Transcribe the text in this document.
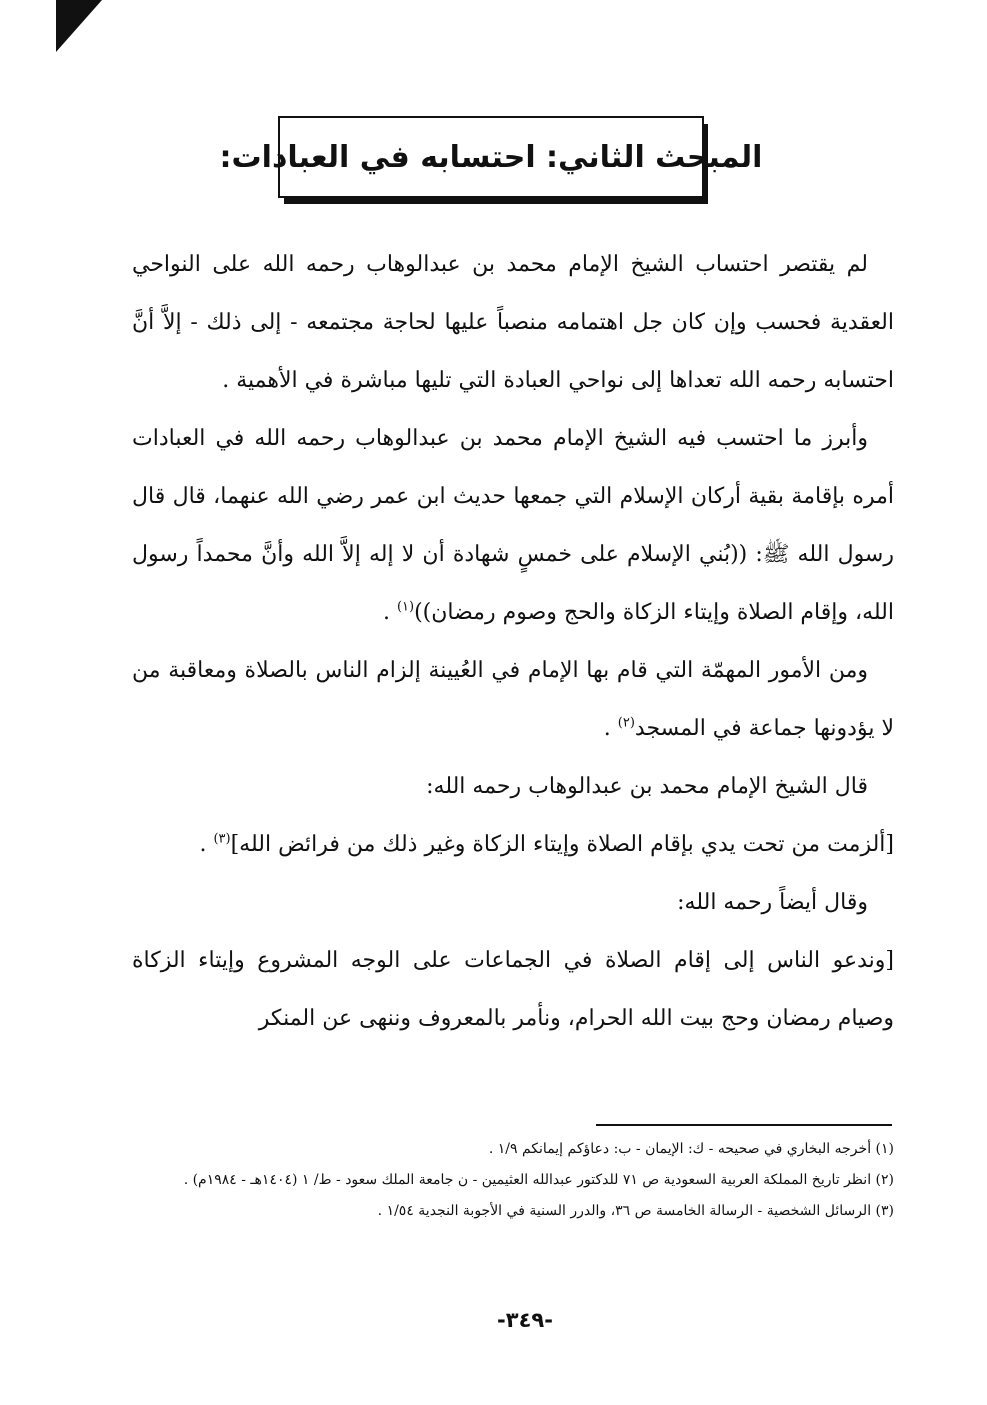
المبحث الثاني: احتسابه في العبادات:

لم يقتصر احتساب الشيخ الإمام محمد بن عبدالوهاب رحمه الله على النواحي العقدية فحسب وإن كان جل اهتمامه منصباً عليها لحاجة مجتمعه - إلى ذلك - إلاَّ أنَّ احتسابه رحمه الله تعداها إلى نواحي العبادة التي تليها مباشرة في الأهمية .

وأبرز ما احتسب فيه الشيخ الإمام محمد بن عبدالوهاب رحمه الله في العبادات أمره بإقامة بقية أركان الإسلام التي جمعها حديث ابن عمر رضي الله عنهما، قال قال رسول الله ﷺ: ((بُني الإسلام على خمسٍ شهادة أن لا إله إلاَّ الله وأنَّ محمداً رسول الله، وإقام الصلاة وإيتاء الزكاة والحج وصوم رمضان))$^{(١)}$ .

ومن الأمور المهمّة التي قام بها الإمام في العُيينة إلزام الناس بالصلاة ومعاقبة من لا يؤدونها جماعة في المسجد$^{(٢)}$ .

قال الشيخ الإمام محمد بن عبدالوهاب رحمه الله:

[ألزمت من تحت يدي بإقام الصلاة وإيتاء الزكاة وغير ذلك من فرائض الله]$^{(٣)}$ .

وقال أيضاً رحمه الله:

[وندعو الناس إلى إقام الصلاة في الجماعات على الوجه المشروع وإيتاء الزكاة وصيام رمضان وحج بيت الله الحرام، ونأمر بالمعروف وننهى عن المنكر

(١) أخرجه البخاري في صحيحه - ك: الإيمان - ب: دعاؤكم إيمانكم ١/٩ .

(٢) انظر تاريخ المملكة العربية السعودية ص ٧١ للدكتور عبدالله العثيمين - ن جامعة الملك سعود - ط/ ١ (١٤٠٤هـ - ١٩٨٤م) .

(٣) الرسائل الشخصية - الرسالة الخامسة ص ٣٦، والدرر السنية في الأجوبة النجدية ١/٥٤ .

-٣٤٩-
